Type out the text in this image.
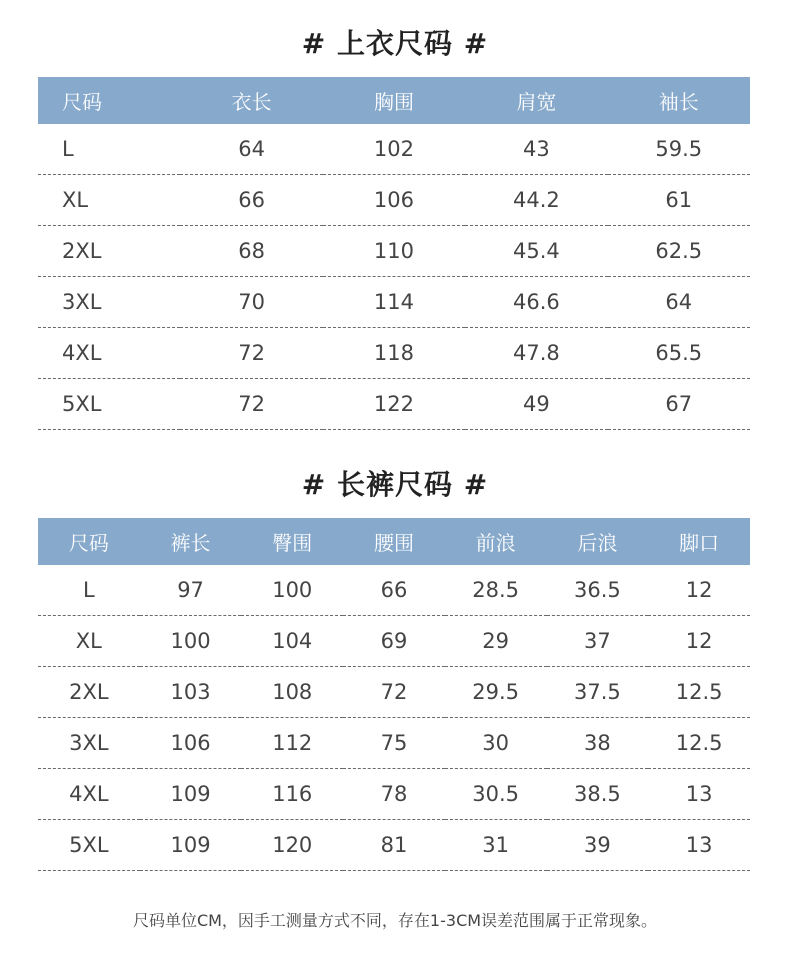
# 上衣尺码 #
尺码	衣长	胸围	肩宽	袖长
L	64	102	43	59.5
XL	66	106	44.2	61
2XL	68	110	45.4	62.5
3XL	70	114	46.6	64
4XL	72	118	47.8	65.5
5XL	72	122	49	67
# 长裤尺码 #
尺码	裤长	臀围	腰围	前浪	后浪	脚口
L	97	100	66	28.5	36.5	12
XL	100	104	69	29	37	12
2XL	103	108	72	29.5	37.5	12.5
3XL	106	112	75	30	38	12.5
4XL	109	116	78	30.5	38.5	13
5XL	109	120	81	31	39	13
尺码单位CM，因手工测量方式不同，存在1-3CM误差范围属于正常现象。
